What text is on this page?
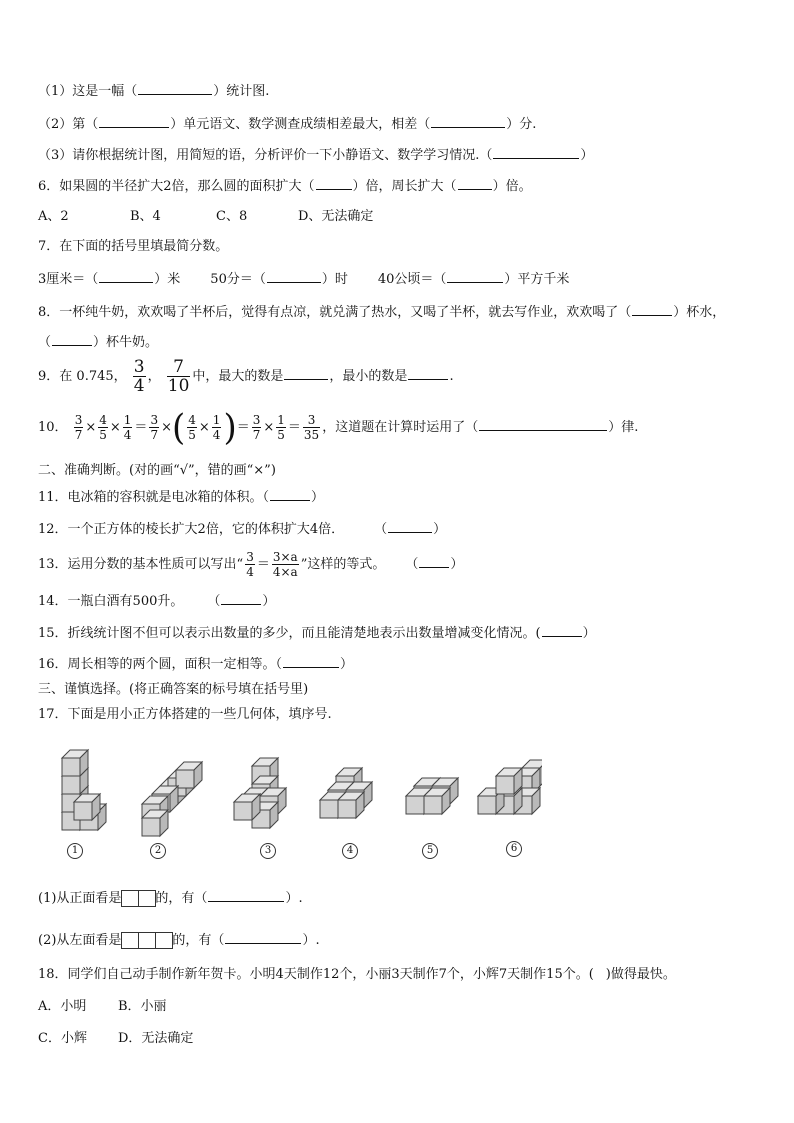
（1）这是一幅（	）统计图.
（2）第（	）单元语文、数学测查成绩相差最大，相差（	）分.
（3）请你根据统计图，用简短的语，分析评价一下小静语文、数学学习情况.（	）
6．如果圆的半径扩大2倍，那么圆的面积扩大（	）倍，周长扩大（	）倍。
A、2	B、4	C、8	D、无法确定
7．在下面的括号里填最简分数。
3厘米＝（	）米 50分＝（	）时 40公顷＝（	）平方千米
8．一杯纯牛奶，欢欢喝了半杯后，觉得有点凉，就兑满了热水，又喝了半杯，就去写作业，欢欢喝了（	）杯水，
（	）杯牛奶。
9．在 0.745， $\frac{3}{4}$ ， $\frac{7}{10}$ 中，最大的数是	，最小的数是	.
10． $\frac{3}{7} \times \frac{4}{5} \times \frac{1}{4} = \frac{3}{7}$ ×( $\frac{4}{5} \times \frac{1}{4}$ )＝ $\frac{3}{7} \times \frac{1}{5} = \frac{3}{35}$ ，这道题在计算时运用了（	）律.
二、准确判断。(对的画“√”，错的画“×”)
11．电冰箱的容积就是电冰箱的体积。（	）
12．一个正方体的棱长扩大2倍，它的体积扩大4倍． （	）
13．运用分数的基本性质可以写出“ $\frac{3}{4} = \frac{3\times a}{4\times a}$ ”这样的等式。 （ ）
14．一瓶白酒有500升。 （	）
15．折线统计图不但可以表示出数量的多少，而且能清楚地表示出数量增减变化情况。(	）
16．周长相等的两个圆，面积一定相等。（	）
三、谨慎选择。(将正确答案的标号填在括号里)
17．下面是用小正方体搭建的一些几何体，填序号.
1	2	3	4	5	6
(1)从正面看是	的，有（	）.
(2)从左面看是	的，有（	）.
18．同学们自己动手制作新年贺卡。小明4天制作12个，小丽3天制作7个，小辉7天制作15个。( )做得最快。
A．小明 B．小丽
C．小辉 D．无法确定
